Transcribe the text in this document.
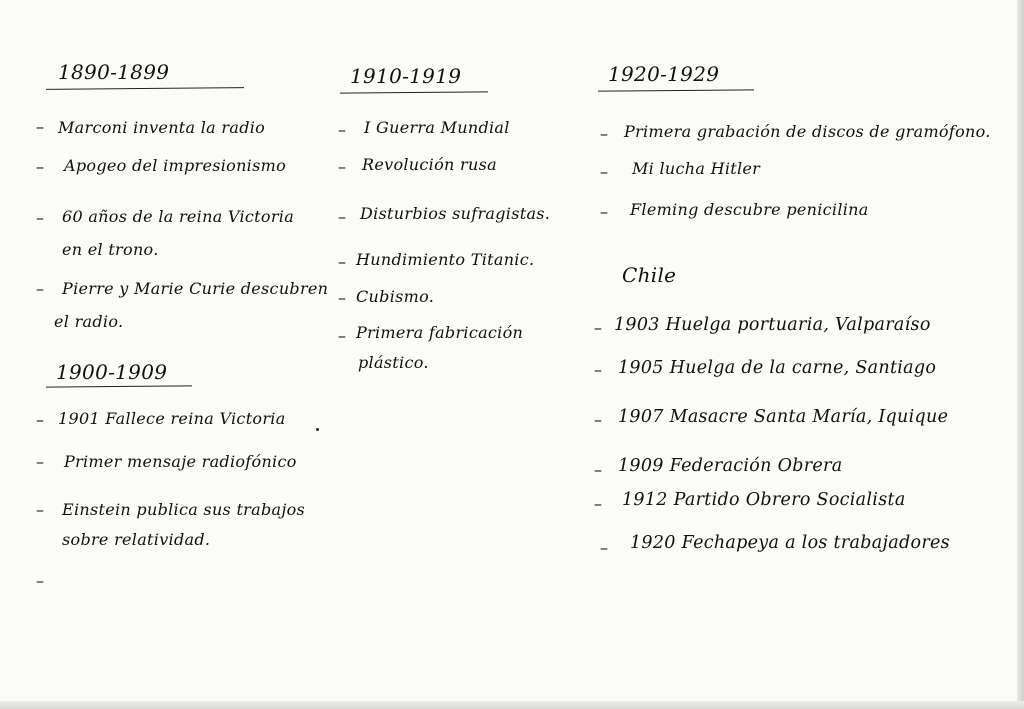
1890-1899
– Marconi inventa la radio
– Apogeo del impresionismo
– 60 años de la reina Victoria
en el trono.
– Pierre y Marie Curie descubren
el radio.
1900-1909
– 1901 Fallece reina Victoria
– Primer mensaje radiofónico
– Einstein publica sus trabajos
sobre relatividad.
–
1910-1919
– I Guerra Mundial
– Revolución rusa
– Disturbios sufragistas.
– Hundimiento Titanic.
– Cubismo.
– Primera fabricación
plástico.
1920-1929
– Primera grabación de discos de gramófono.
– Mi lucha Hitler
– Fleming descubre penicilina
Chile
– 1903 Huelga portuaria, Valparaíso
– 1905 Huelga de la carne, Santiago
– 1907 Masacre Santa María, Iquique
– 1909 Federación Obrera
– 1912 Partido Obrero Socialista
– 1920 Fechapeya a los trabajadores
